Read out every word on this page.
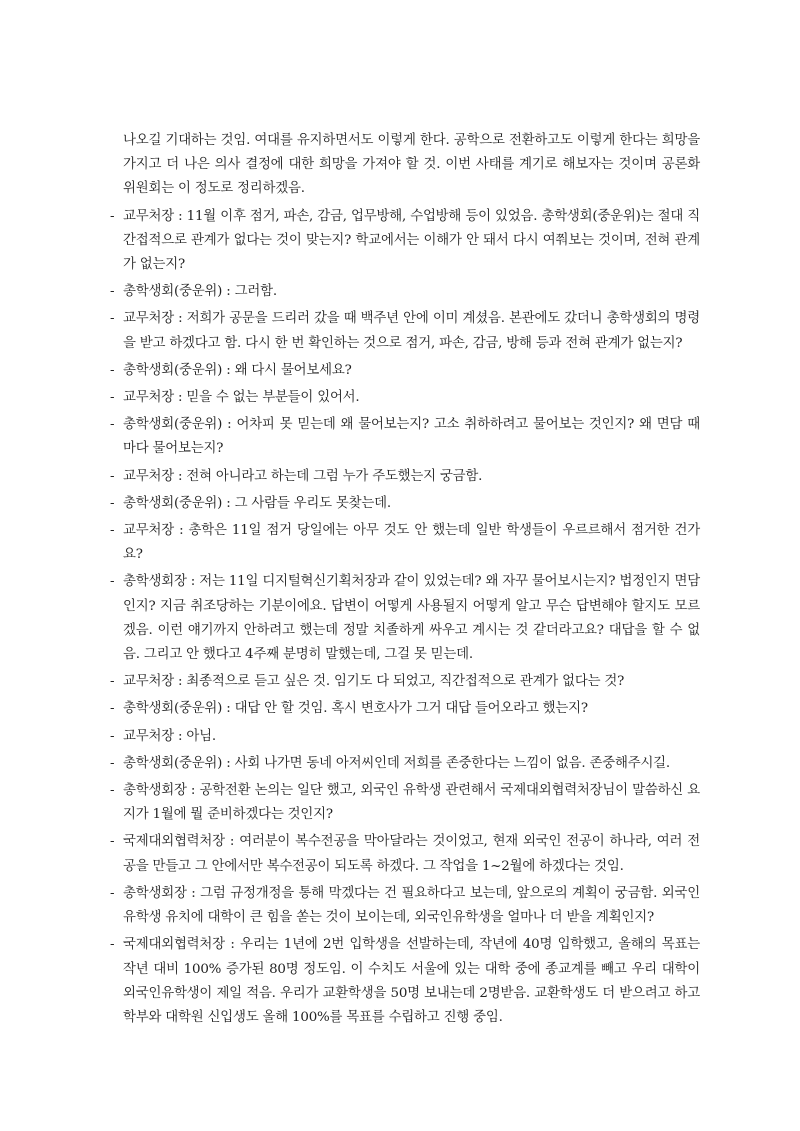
나오길 기대하는 것임. 여대를 유지하면서도 이렇게 한다. 공학으로 전환하고도 이렇게 한다는 희망을 가지고 더 나은 의사 결정에 대한 희망을 가져야 할 것. 이번 사태를 계기로 해보자는 것이며 공론화 위원회는 이 정도로 정리하겠음.

- 교무처장 : 11월 이후 점거, 파손, 감금, 업무방해, 수업방해 등이 있었음. 총학생회(중운위)는 절대 직간접적으로 관계가 없다는 것이 맞는지? 학교에서는 이해가 안 돼서 다시 여쭤보는 것이며, 전혀 관계가 없는지?
- 총학생회(중운위) : 그러함.
- 교무처장 : 저희가 공문을 드리러 갔을 때 백주년 안에 이미 계셨음. 본관에도 갔더니 총학생회의 명령을 받고 하겠다고 함. 다시 한 번 확인하는 것으로 점거, 파손, 감금, 방해 등과 전혀 관계가 없는지?
- 총학생회(중운위) : 왜 다시 물어보세요?
- 교무처장 : 믿을 수 없는 부분들이 있어서.
- 총학생회(중운위) : 어차피 못 믿는데 왜 물어보는지? 고소 취하하려고 물어보는 것인지? 왜 면담 때마다 물어보는지?
- 교무처장 : 전혀 아니라고 하는데 그럼 누가 주도했는지 궁금함.
- 총학생회(중운위) : 그 사람들 우리도 못찾는데.
- 교무처장 : 총학은 11일 점거 당일에는 아무 것도 안 했는데 일반 학생들이 우르르해서 점거한 건가요?
- 총학생회장 : 저는 11일 디지털혁신기획처장과 같이 있었는데? 왜 자꾸 물어보시는지? 법정인지 면담인지? 지금 취조당하는 기분이에요. 답변이 어떻게 사용될지 어떻게 알고 무슨 답변해야 할지도 모르겠음. 이런 얘기까지 안하려고 했는데 정말 치졸하게 싸우고 계시는 것 같더라고요? 대답을 할 수 없음. 그리고 안 했다고 4주째 분명히 말했는데, 그걸 못 믿는데.
- 교무처장 : 최종적으로 듣고 싶은 것. 임기도 다 되었고, 직간접적으로 관계가 없다는 것?
- 총학생회(중운위) : 대답 안 할 것임. 혹시 변호사가 그거 대답 들어오라고 했는지?
- 교무처장 : 아님.
- 총학생회(중운위) : 사회 나가면 동네 아저씨인데 저희를 존중한다는 느낌이 없음. 존중해주시길.
- 총학생회장 : 공학전환 논의는 일단 했고, 외국인 유학생 관련해서 국제대외협력처장님이 말씀하신 요지가 1월에 뭘 준비하겠다는 것인지?
- 국제대외협력처장 : 여러분이 복수전공을 막아달라는 것이었고, 현재 외국인 전공이 하나라, 여러 전공을 만들고 그 안에서만 복수전공이 되도록 하겠다. 그 작업을 1~2월에 하겠다는 것임.
- 총학생회장 : 그럼 규정개정을 통해 막겠다는 건 필요하다고 보는데, 앞으로의 계획이 궁금함. 외국인유학생 유치에 대학이 큰 힘을 쏟는 것이 보이는데, 외국인유학생을 얼마나 더 받을 계획인지?
- 국제대외협력처장 : 우리는 1년에 2번 입학생을 선발하는데, 작년에 40명 입학했고, 올해의 목표는 작년 대비 100% 증가된 80명 정도임. 이 수치도 서울에 있는 대학 중에 종교계를 빼고 우리 대학이 외국인유학생이 제일 적음. 우리가 교환학생을 50명 보내는데 2명받음. 교환학생도 더 받으려고 하고 학부와 대학원 신입생도 올해 100%를 목표를 수립하고 진행 중임.
